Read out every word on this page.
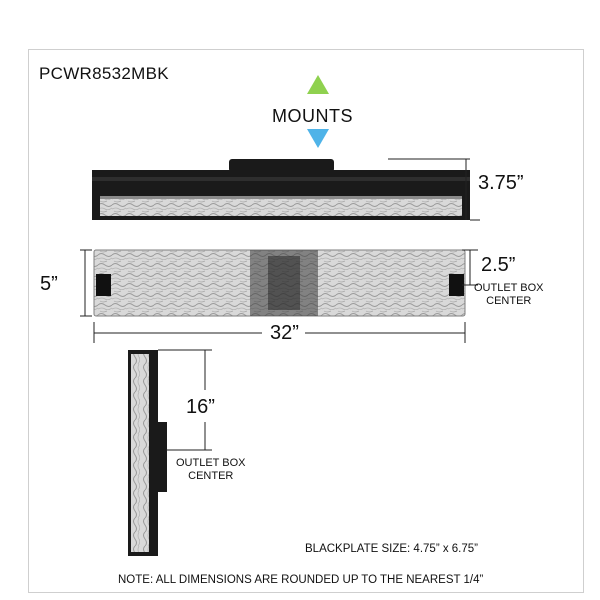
PCWR8532MBK
MOUNTS
3.75”
5”
2.5”
OUTLET BOX
CENTER
32”
16”
OUTLET BOX
CENTER
BLACKPLATE SIZE: 4.75” x 6.75”
NOTE: ALL DIMENSIONS ARE ROUNDED UP TO THE NEAREST 1/4”
